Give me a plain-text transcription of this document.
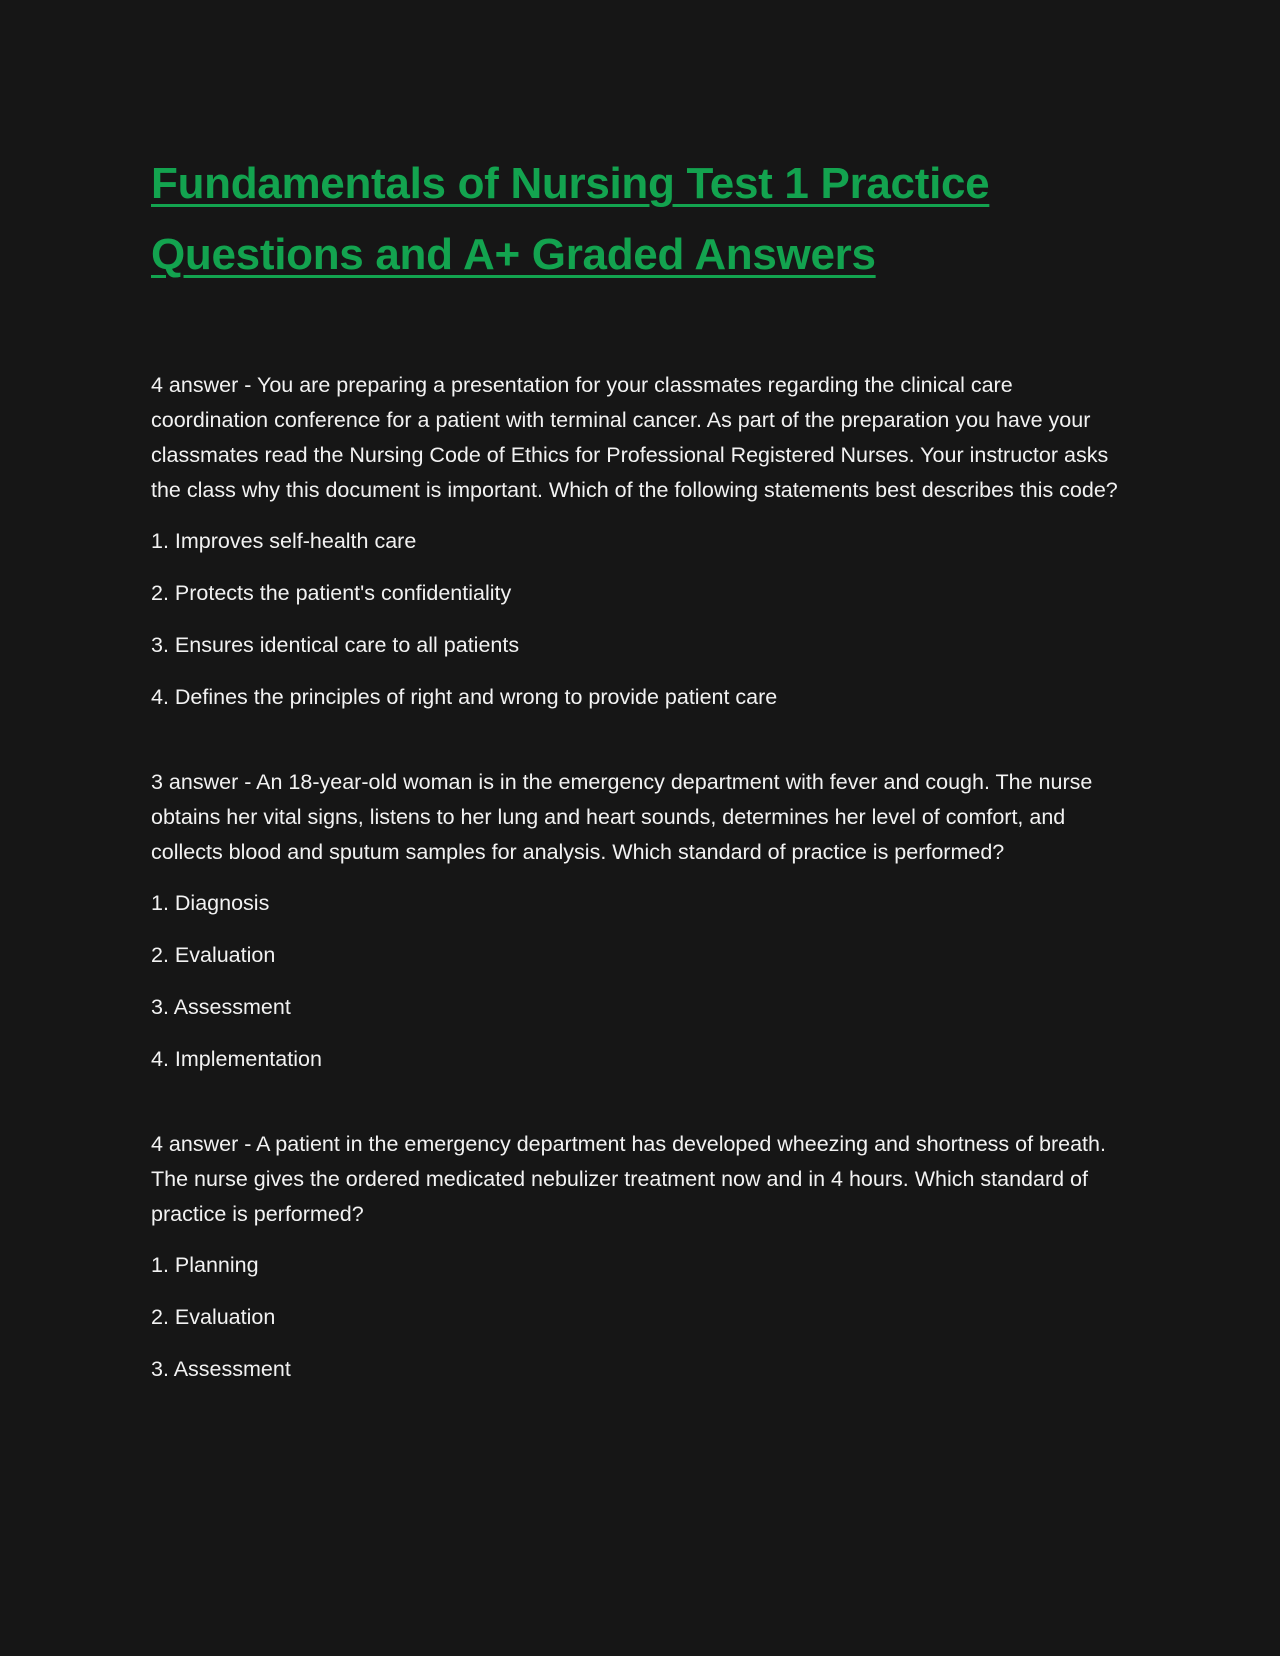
Fundamentals of Nursing Test 1 Practice Questions and A+ Graded Answers

4 answer - You are preparing a presentation for your classmates regarding the clinical care coordination conference for a patient with terminal cancer. As part of the preparation you have your classmates read the Nursing Code of Ethics for Professional Registered Nurses. Your instructor asks the class why this document is important. Which of the following statements best describes this code?

1. Improves self-health care

2. Protects the patient's confidentiality

3. Ensures identical care to all patients

4. Defines the principles of right and wrong to provide patient care

3 answer - An 18-year-old woman is in the emergency department with fever and cough. The nurse obtains her vital signs, listens to her lung and heart sounds, determines her level of comfort, and collects blood and sputum samples for analysis. Which standard of practice is performed?

1. Diagnosis

2. Evaluation

3. Assessment

4. Implementation

4 answer - A patient in the emergency department has developed wheezing and shortness of breath. The nurse gives the ordered medicated nebulizer treatment now and in 4 hours. Which standard of practice is performed?

1. Planning

2. Evaluation

3. Assessment
